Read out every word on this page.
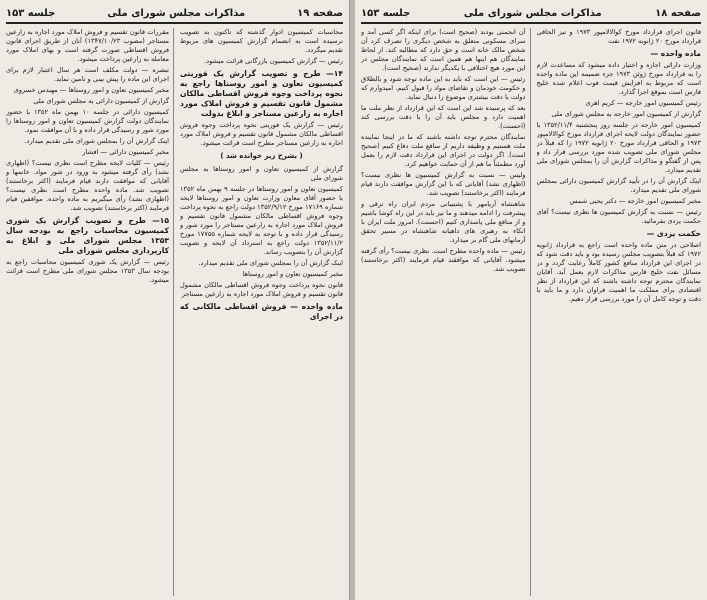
صفحه ۱۹
مذاکرات مجلس شورای ملی
جلسه ۱۵۳
محاسبات کمیسیون ادوار گذشته که تاکنون به تصویب نرسیده است به انضمام گزارش کمیسیون های مربوط تقدیم میگردد.
رئیس — گزارش کمیسیون بازرگانی قرائت میشود.
۱۴— طرح و تصویب گزارش یک فوریتی کمیسیون تعاون و امور روستاها راجع به نحوه پرداخت وجوه فروش اقساطی مالکان مشمول قانون تقسیم و فروش املاک مورد اجاره به زارعین مستاجر و ابلاغ بدولت
رئیس — گزارش یک فوریتی نحوه پرداخت وجوه فروش اقساطی مالکان مشمول قانون تقسیم و فروش املاک مورد اجاره به زارعین مستاجر مطرح است قرائت میشود.
( بشرح زیر خوانده شد )
گزارش از کمیسیون تعاون و امور روستاها به مجلس شورای ملی
کمیسیون تعاون و امور روستاها در جلسه ۹ بهمن ماه ۱۳۵۲ با حضور آقای معاون وزارت تعاون و امور روستاها لایحه شماره ۱۷۱۶۹ مورخ ۱۳۵۲/۹/۱۲ دولت راجع به نحوه پرداخت وجوه فروش اقساطی مالکان مشمول قانون تقسیم و فروش املاک مورد اجاره به زارعین مستاجر را مورد شور و رسیدگی قرار داده و با توجه به لایحه شماره ۱۷۷۵۵ مورخ ۱۳۵۲/۱۱/۲ دولت راجع به استرداد آن لایحه و تصویب گزارش آن را بتصویب رساند.
اینک گزارش آن را بمجلس شورای ملی تقدیم میدارد.
مخبر کمیسیون تعاون و امور روستاها
قانون نحوه پرداخت وجوه فروش اقساطی مالکان مشمول قانون تقسیم و فروش املاک مورد اجاره به زارعین مستاجر
ماده واحده — فروش اقساطی مالکانی که در اجرای
مقررات قانون تقسیم و فروش املاک مورد اجاره به زارعین مستاجر (مصوب ۱۳۴۷/۱۰/۲۳) آنان از طریق اجرای قانون فروش اقساطی صورت گرفته است و بهای املاک مورد معامله به زارعین پرداخت میشود.
تبصره — دولت مکلف است هر سال اعتبار لازم برای اجرای این ماده را پیش بینی و تامین نماید.
مخبر کمیسیون تعاون و امور روستاها — مهندس خسروی
گزارش از کمیسیون دارائی به مجلس شورای ملی
کمیسیون دارائی در جلسه ۱۰ بهمن ماه ۱۳۵۲ با حضور نمایندگان دولت گزارش کمیسیون تعاون و امور روستاها را مورد شور و رسیدگی قرار داده و با آن موافقت نمود.
اینک گزارش آن را بمجلس شورای ملی تقدیم میدارد.
مخبر کمیسیون دارائی — افشار
رئیس — کلیات لایحه مطرح است نظری نیست؟ (اظهاری نشد) رأی گرفته میشود به ورود در شور مواد. خانمها و آقایانی که موافقت دارند قیام فرمایند (اکثر برخاستند) تصویب شد. ماده واحده مطرح است نظری نیست؟ (اظهاری نشد) رأی میگیریم به ماده واحده. موافقین قیام فرمایند (اکثر برخاستند) تصویب شد.
۱۵— طرح و تصویب گزارش یک شوری کمیسیون محاسبات راجع به بودجه سال ۱۳۵۳ مجلس شورای ملی و ابلاغ به کارپردازی مجلس شورای ملی
رئیس — گزارش یک شوری کمیسیون محاسبات راجع به بودجه سال ۱۳۵۳ مجلس شورای ملی مطرح است قرائت میشود.
صفحه ۱۸
مذاکرات مجلس شورای ملی
جلسه ۱۵۳
قانون اجرای قرارداد مورخ کوالالامپور ۱۹۷۳ و نیز الحاقی قرارداد مورخ ۲۰ ژانویه ۱۹۷۲ نفت
ماده واحده —
وزارت دارائی اجازه و اختیار داده میشود که مساعدت لازم را به قرارداد مورخ ژوئن ۱۹۷۳ جزء ضمیمه این ماده واحده است که مربوط به افزایش قیمت فوب اعلام شده خلیج فارس است بموقع اجرا گذارد.
رئیس کمیسیون امور خارجه — کریم اهری
گزارش از کمیسیون امور خارجه به مجلس شورای ملی
کمیسیون امور خارجه در جلسه روز پنجشنبه ۱۳۵۲/۱۱/۴ با حضور نمایندگان دولت لایحه اجرای قرارداد مورخ کوالالامپور ۱۹۷۳ و الحاقی قرارداد مورخ ۲۰ ژانویه ۱۹۷۲ را که قبلاً در مجلس شورای ملی تصویب شده مورد بررسی قرار داد و پس از گفتگو و مذاکرات گزارش آن را بمجلس شورای ملی تقدیم میدارد.
اینک گزارش آن را در تأیید گزارش کمیسیون دارائی بمجلس شورای ملی تقدیم میدارد.
مخبر کمیسیون امور خارجه — دکتر یحیی شمس
رئیس — نسبت به گزارش کمیسیون ها نظری نیست؟ آقای حکمت یزدی بفرمائید.
حکمت یزدی —
اصلاحی در متن ماده واحده است راجع به قرارداد ژانویه ۱۹۷۲ که قبلاً بتصویب مجلس رسیده بود و باید دقت شود که در اجرای این قرارداد منافع کشور کاملاً رعایت گردد و در مسائل نفت خلیج فارس مذاکرات لازم بعمل آید. آقایان نمایندگان محترم توجه داشته باشند که این قرارداد از نظر اقتصادی برای مملکت ما اهمیت فراوان دارد و ما باید با دقت و توجه کامل آن را مورد بررسی قرار دهیم.
آن انجمنی بودند (صحیح است) برای اینکه اگر کسی آمد و سرای مسکونی متعلق به شخص دیگری را تصرف کرد آن شخص مالک خانه است و حق دارد که مطالبه کند. از لحاظ نمایندگان هم اینها هم همین است که نمایندگان مجلس در این مورد هیچ اختلافی با یکدیگر ندارند (صحیح است).
رئیس — این است که باید به این ماده توجه شود و بالطلاق و حکومت خودمان و تقاضای مواد را قبول کنیم. امیدوارم که دولت با دقت بیشتری موضوع را دنبال نماید.
بعد که پرسیده شد این است که این قرارداد از نظر ملت ما اهمیت دارد و مجلس باید آن را با دقت بررسی کند (احسنت).
نمایندگان محترم توجه داشته باشند که ما در اینجا نماینده ملت هستیم و وظیفه داریم از منافع ملت دفاع کنیم (صحیح است). اگر دولت در اجرای این قرارداد دقت لازم را بعمل آورد مطمئناً ما هم از آن حمایت خواهیم کرد.
ولیس — نسبت به گزارش کمیسیون ها نظری نیست؟ (اظهاری نشد) آقایانی که با این گزارش موافقت دارند قیام فرمایند (اکثر برخاستند) تصویب شد.
شاهنشاه آریامهر با پشتیبانی مردم ایران راه ترقی و پیشرفت را ادامه میدهند و ما نیز باید در این راه کوشا باشیم و از منافع ملی پاسداری کنیم (احسنت). امروز ملت ایران با اتکاء به رهبری های داهیانه شاهنشاه در مسیر تحقق آرمانهای ملی گام بر میدارد.
رئیس — ماده واحده مطرح است. نظری نیست؟ رأی گرفته میشود. آقایانی که موافقند قیام فرمایند (اکثر برخاستند) تصویب شد.
